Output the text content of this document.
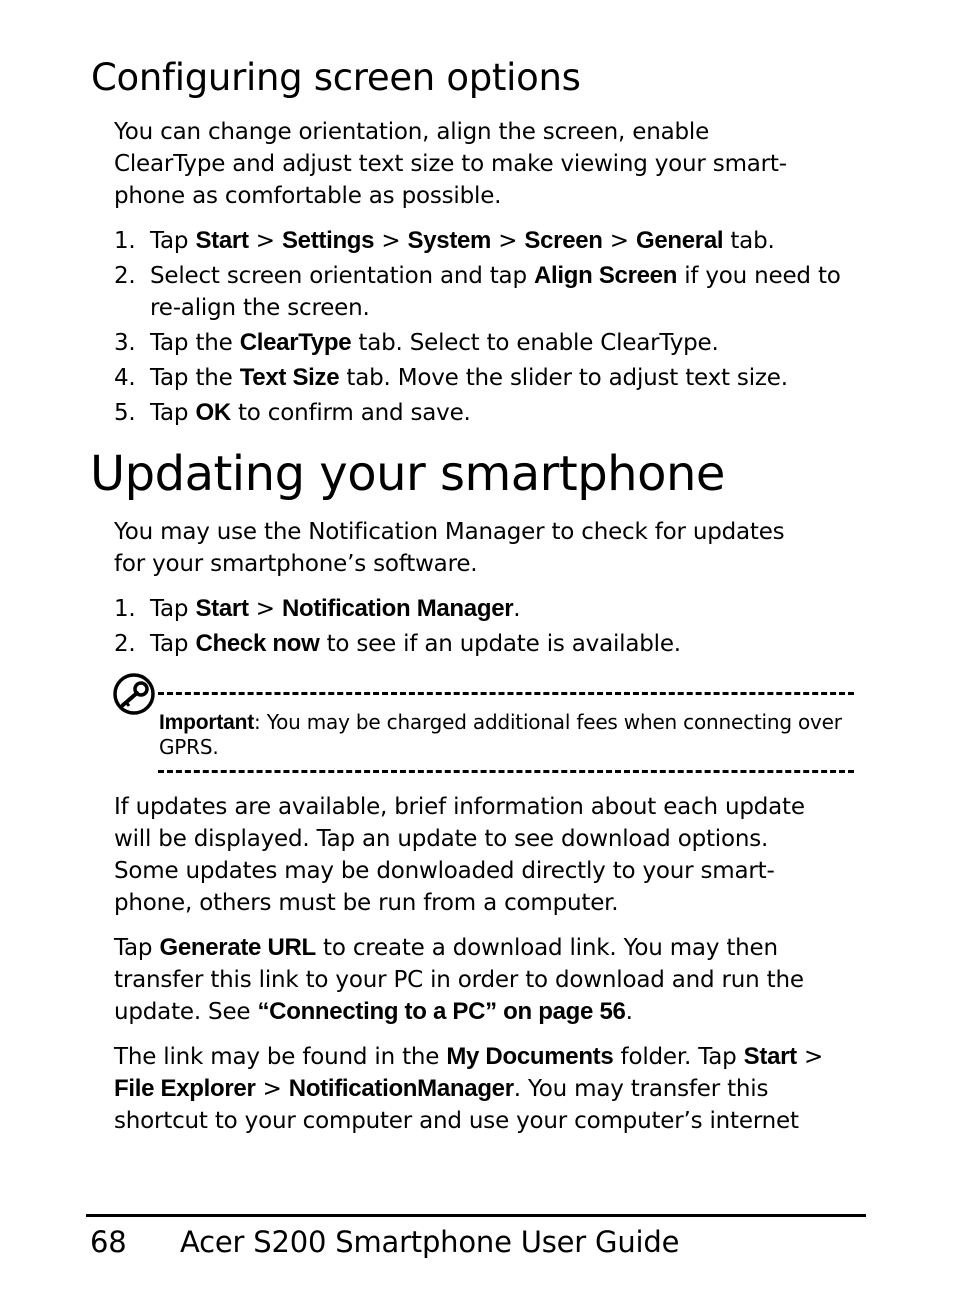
Configuring screen options

You can change orientation, align the screen, enable
ClearType and adjust text size to make viewing your smart-
phone as comfortable as possible.

1. Tap Start > Settings > System > Screen > General tab.
2. Select screen orientation and tap Align Screen if you need to re-align the screen.
3. Tap the ClearType tab. Select to enable ClearType.
4. Tap the Text Size tab. Move the slider to adjust text size.
5. Tap OK to confirm and save.
Updating your smartphone

You may use the Notification Manager to check for updates
for your smartphone’s software.

1. Tap Start > Notification Manager.
2. Tap Check now to see if an update is available.
Important: You may be charged additional fees when connecting over GPRS.

If updates are available, brief information about each update
will be displayed. Tap an update to see download options.
Some updates may be donwloaded directly to your smart-
phone, others must be run from a computer.

Tap Generate URL to create a download link. You may then
transfer this link to your PC in order to download and run the
update. See “Connecting to a PC” on page 56.

The link may be found in the My Documents folder. Tap Start >
File Explorer > NotificationManager. You may transfer this
shortcut to your computer and use your computer’s internet

68 Acer S200 Smartphone User Guide
